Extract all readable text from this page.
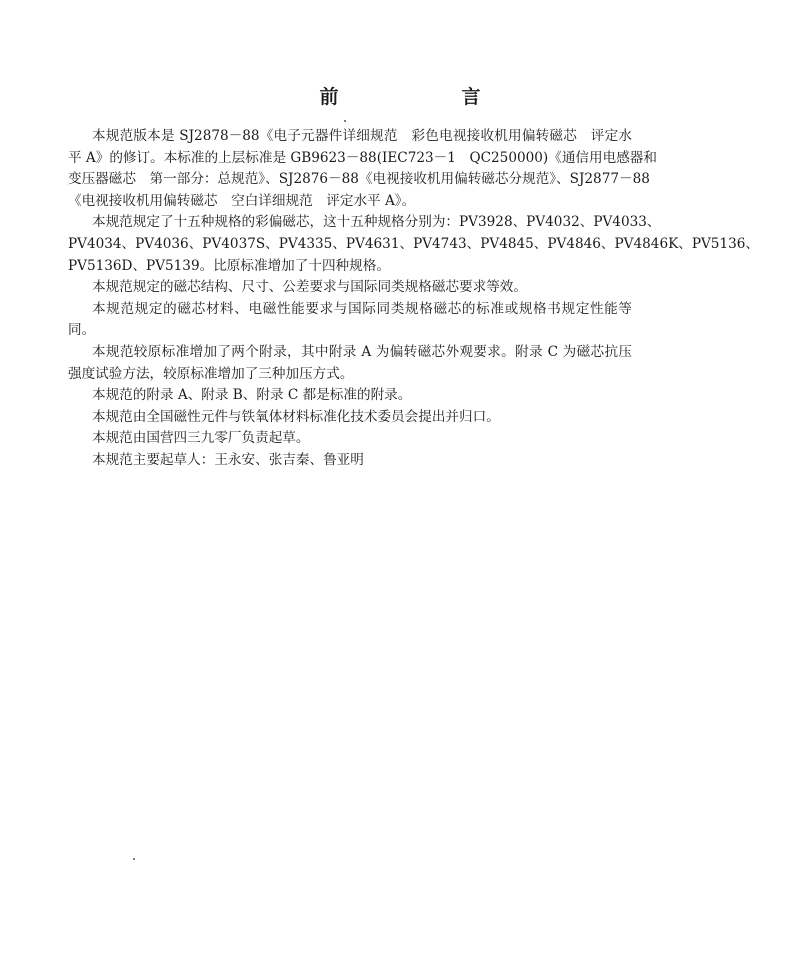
前　言
本规范版本是 SJ2878－88《电子元器件详细规范　彩色电视接收机用偏转磁芯　评定水
平 A》的修订。本标准的上层标准是 GB9623－88(IEC723－1　QC250000)《通信用电感器和
变压器磁芯　第一部分：总规范》、SJ2876－88《电视接收机用偏转磁芯分规范》、SJ2877－88
《电视接收机用偏转磁芯　空白详细规范　评定水平 A》。
本规范规定了十五种规格的彩偏磁芯，这十五种规格分别为：PV3928、PV4032、PV4033、
PV4034、PV4036、PV4037S、PV4335、PV4631、PV4743、PV4845、PV4846、PV4846K、PV5136、
PV5136D、PV5139。比原标准增加了十四种规格。
本规范规定的磁芯结构、尺寸、公差要求与国际同类规格磁芯要求等效。
本规范规定的磁芯材料、电磁性能要求与国际同类规格磁芯的标准或规格书规定性能等
同。
本规范较原标准增加了两个附录，其中附录 A 为偏转磁芯外观要求。附录 C 为磁芯抗压
强度试验方法，较原标准增加了三种加压方式。
本规范的附录 A、附录 B、附录 C 都是标准的附录。
本规范由全国磁性元件与铁氧体材料标准化技术委员会提出并归口。
本规范由国营四三九零厂负责起草。
本规范主要起草人：王永安、张吉秦、鲁亚明
